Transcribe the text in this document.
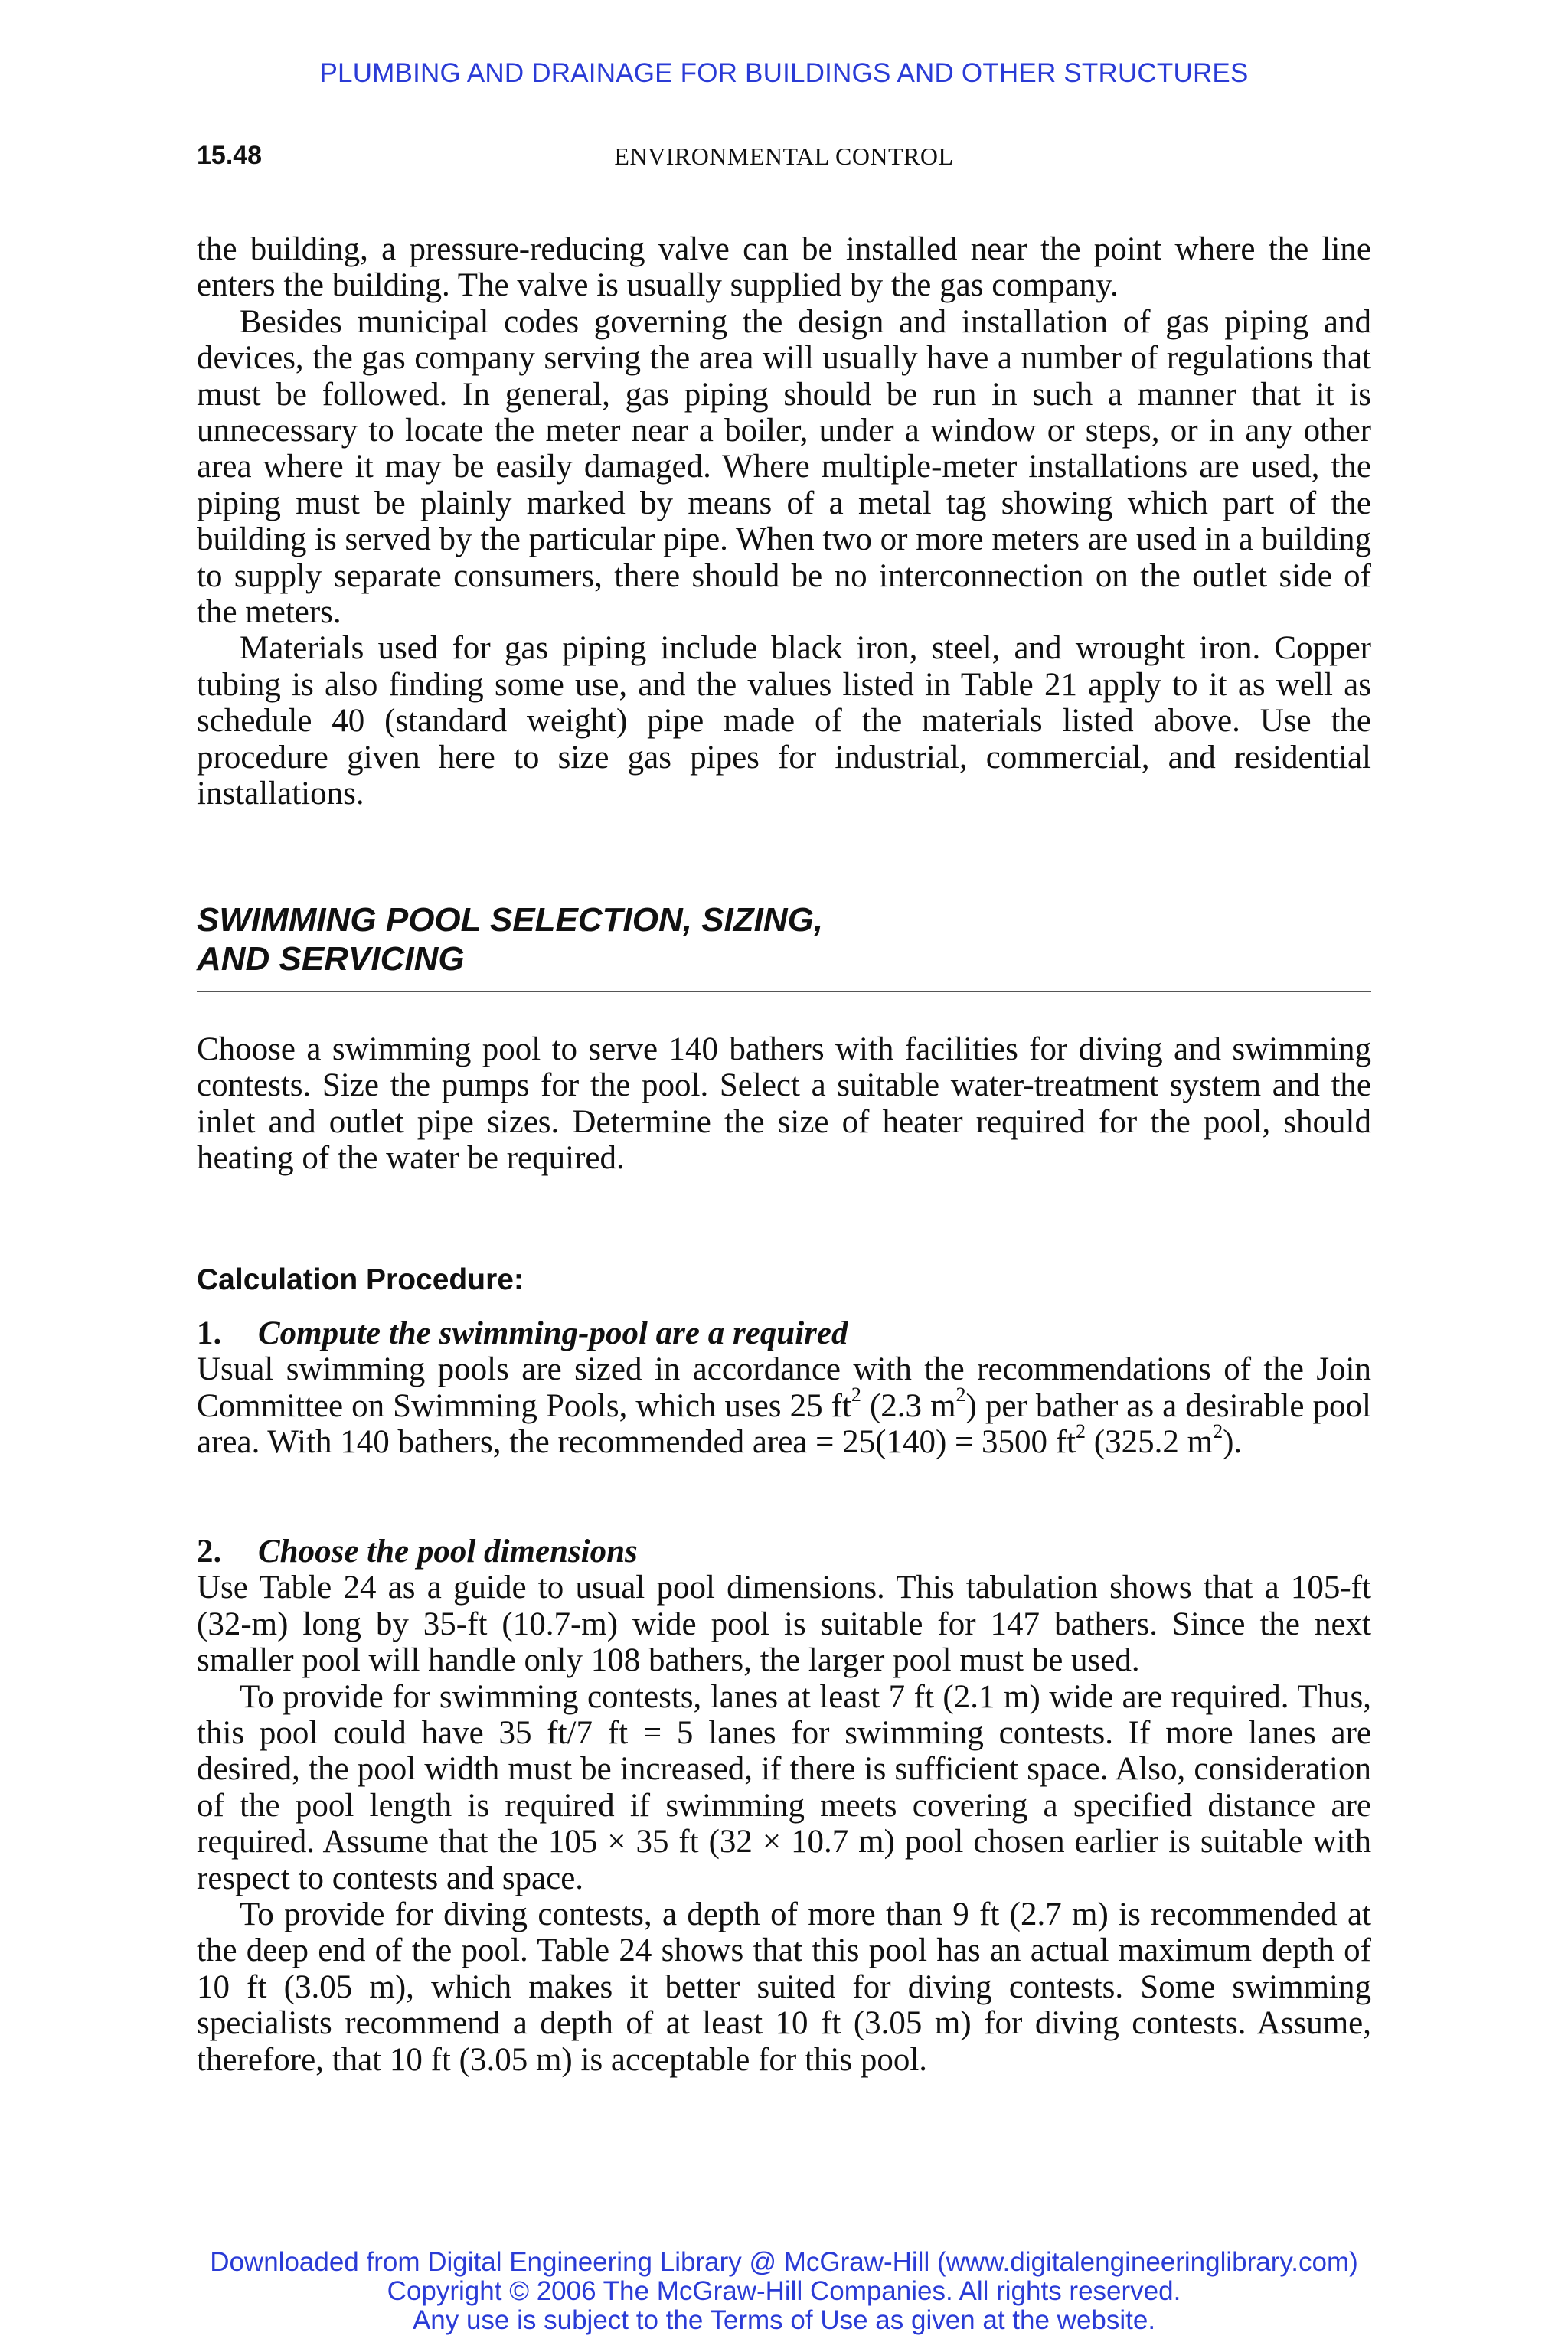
PLUMBING AND DRAINAGE FOR BUILDINGS AND OTHER STRUCTURES
15.48	ENVIRONMENTAL CONTROL

the building, a pressure-reducing valve can be installed near the point where the line enters the building. The valve is usually supplied by the gas company.

Besides municipal codes governing the design and installation of gas piping and devices, the gas company serving the area will usually have a number of regulations that must be followed. In general, gas piping should be run in such a manner that it is unnecessary to locate the meter near a boiler, under a window or steps, or in any other area where it may be easily damaged. Where multiple-meter installations are used, the piping must be plainly marked by means of a metal tag showing which part of the building is served by the particular pipe. When two or more meters are used in a building to supply separate consumers, there should be no interconnection on the outlet side of the meters.

Materials used for gas piping include black iron, steel, and wrought iron. Copper tubing is also finding some use, and the values listed in Table 21 apply to it as well as schedule 40 (standard weight) pipe made of the materials listed above. Use the procedure given here to size gas pipes for industrial, commercial, and residential installations.

SWIMMING POOL SELECTION, SIZING,
AND SERVICING

Choose a swimming pool to serve 140 bathers with facilities for diving and swimming contests. Size the pumps for the pool. Select a suitable water-treatment system and the inlet and outlet pipe sizes. Determine the size of heater required for the pool, should heating of the water be required.

Calculation Procedure:
1. Compute the swimming-pool are a required

Usual swimming pools are sized in accordance with the recommendations of the Join Committee on Swimming Pools, which uses 25 $ft^2$ (2.3 $m^2$) per bather as a desirable pool area. With 140 bathers, the recommended area = 25(140) = 3500 $ft^2$ (325.2 $m^2$).

2. Choose the pool dimensions

Use Table 24 as a guide to usual pool dimensions. This tabulation shows that a 105-ft (32-m) long by 35-ft (10.7-m) wide pool is suitable for 147 bathers. Since the next smaller pool will handle only 108 bathers, the larger pool must be used.

To provide for swimming contests, lanes at least 7 ft (2.1 m) wide are required. Thus, this pool could have 35 ft/7 ft = 5 lanes for swimming contests. If more lanes are desired, the pool width must be increased, if there is sufficient space. Also, consideration of the pool length is required if swimming meets covering a specified distance are required. Assume that the 105 × 35 ft (32 × 10.7 m) pool chosen earlier is suitable with respect to contests and space.

To provide for diving contests, a depth of more than 9 ft (2.7 m) is recommended at the deep end of the pool. Table 24 shows that this pool has an actual maximum depth of 10 ft (3.05 m), which makes it better suited for diving contests. Some swimming specialists recommend a depth of at least 10 ft (3.05 m) for diving contests. Assume, therefore, that 10 ft (3.05 m) is acceptable for this pool.

Downloaded from Digital Engineering Library @ McGraw-Hill (www.digitalengineeringlibrary.com)
Copyright © 2006 The McGraw-Hill Companies. All rights reserved.
Any use is subject to the Terms of Use as given at the website.
